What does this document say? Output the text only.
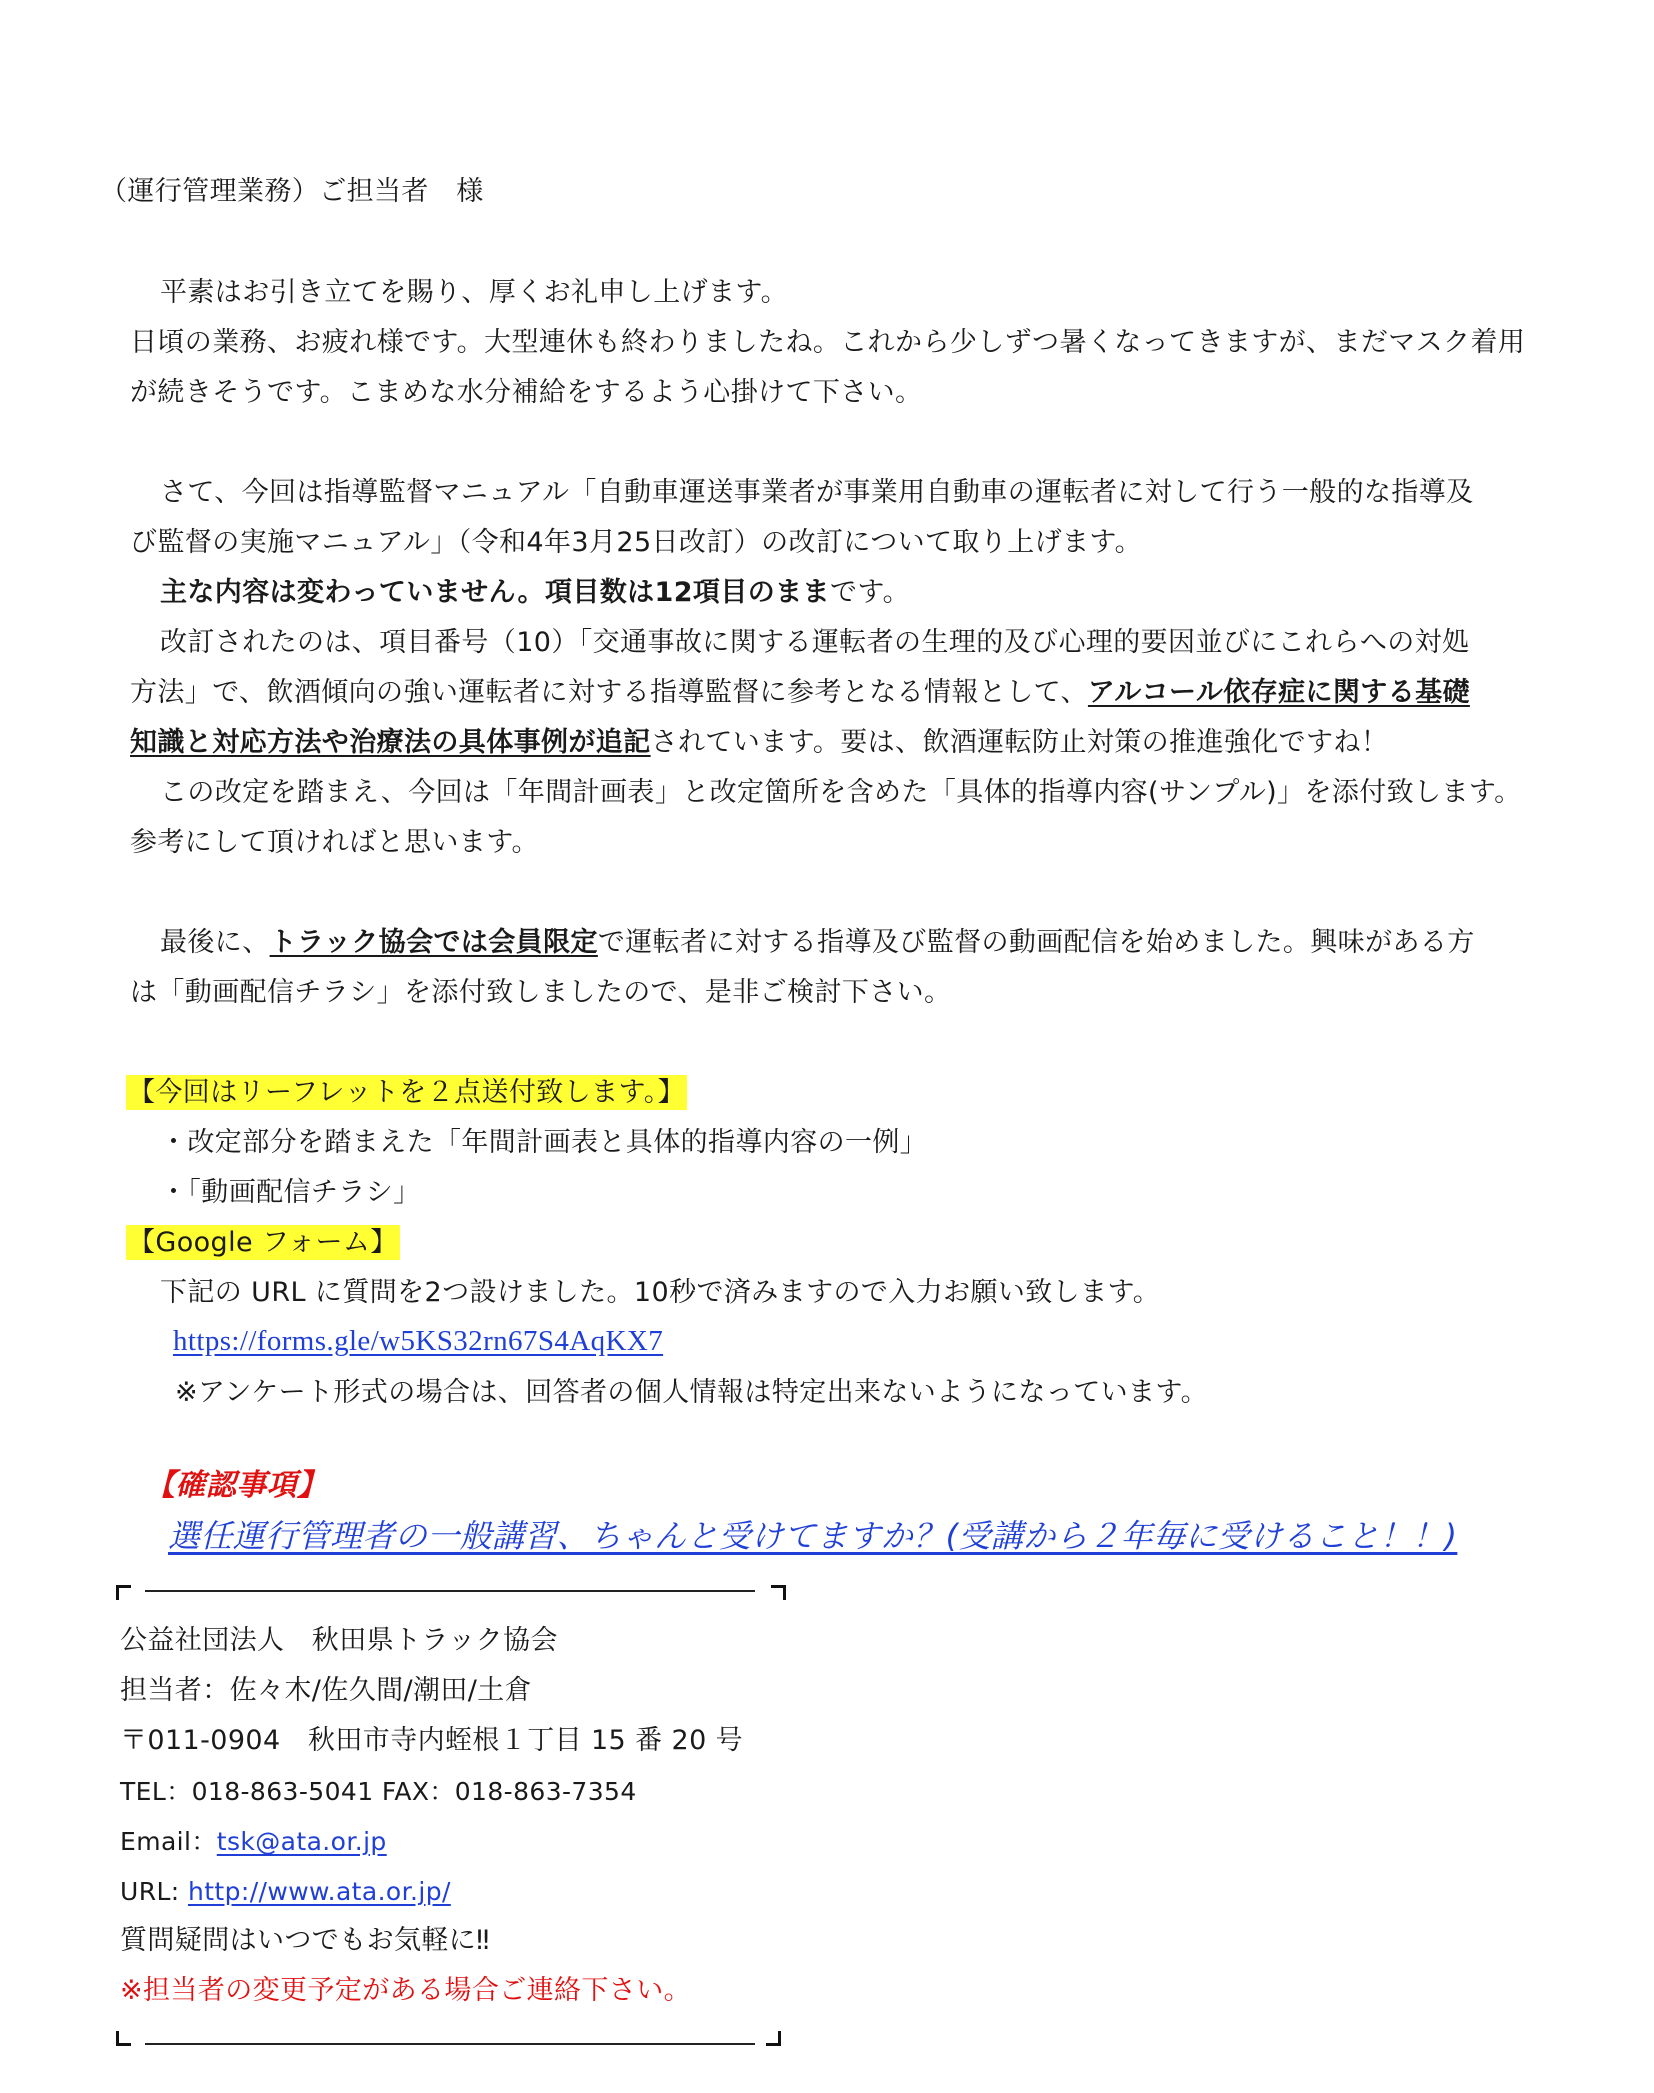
（運行管理業務）ご担当者　様
平素はお引き立てを賜り、厚くお礼申し上げます。
日頃の業務、お疲れ様です。大型連休も終わりましたね。これから少しずつ暑くなってきますが、まだマスク着用
が続きそうです。こまめな水分補給をするよう心掛けて下さい。
さて、今回は指導監督マニュアル「自動車運送事業者が事業用自動車の運転者に対して行う一般的な指導及
び監督の実施マニュアル」（令和4年3月25日改訂）の改訂について取り上げます。
主な内容は変わっていません。項目数は12項目のままです。
改訂されたのは、項目番号（10）「交通事故に関する運転者の生理的及び心理的要因並びにこれらへの対処
方法」で、飲酒傾向の強い運転者に対する指導監督に参考となる情報として、アルコール依存症に関する基礎
知識と対応方法や治療法の具体事例が追記されています。要は、飲酒運転防止対策の推進強化ですね！
この改定を踏まえ、今回は「年間計画表」と改定箇所を含めた「具体的指導内容(サンプル)」を添付致します。
参考にして頂ければと思います。
最後に、トラック協会では会員限定で運転者に対する指導及び監督の動画配信を始めました。興味がある方
は「動画配信チラシ」を添付致しましたので、是非ご検討下さい。
【今回はリーフレットを２点送付致します。】
・改定部分を踏まえた「年間計画表と具体的指導内容の一例」
・「動画配信チラシ」
【Google フォーム】
下記の URL に質問を2つ設けました。10秒で済みますので入力お願い致します。
https://forms.gle/w5KS32rn67S4AqKX7
※アンケート形式の場合は、回答者の個人情報は特定出来ないようになっています。
【確認事項】
選任運行管理者の一般講習、ちゃんと受けてますか？(受講から２年毎に受けること！！)
公益社団法人　秋田県トラック協会
担当者：佐々木/佐久間/潮田/土倉
〒011-0904　秋田市寺内蛭根１丁目 15 番 20 号
TEL：018-863-5041 FAX：018-863-7354
Email：tsk@ata.or.jp
URL: http://www.ata.or.jp/
質問疑問はいつでもお気軽に‼
※担当者の変更予定がある場合ご連絡下さい。
